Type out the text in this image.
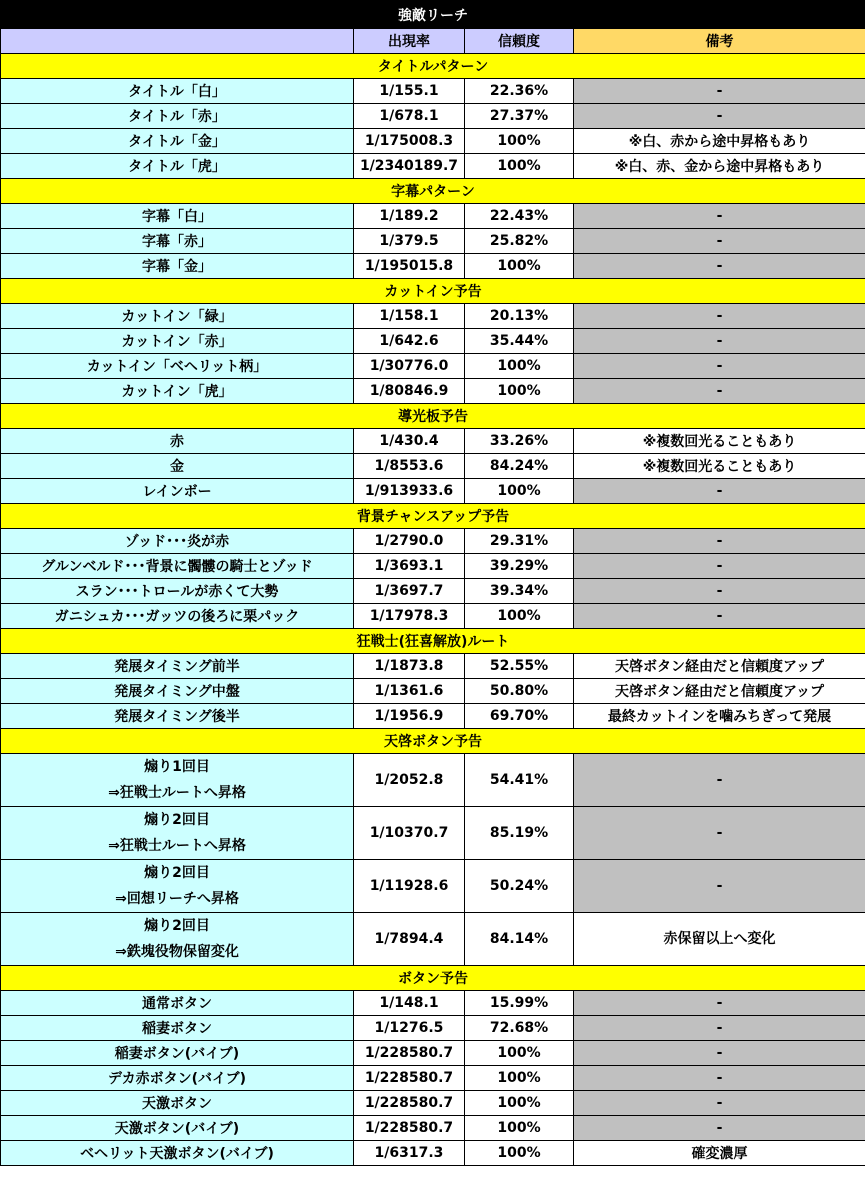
強敵リーチ			
	出現率	信頼度	備考
タイトルパターン			
タイトル「白」	1/155.1	22.36%	-
タイトル「赤」	1/678.1	27.37%	-
タイトル「金」	1/175008.3	100%	※白、赤から途中昇格もあり
タイトル「虎」	1/2340189.7	100%	※白、赤、金から途中昇格もあり
字幕パターン			
字幕「白」	1/189.2	22.43%	-
字幕「赤」	1/379.5	25.82%	-
字幕「金」	1/195015.8	100%	-
カットイン予告			
カットイン「緑」	1/158.1	20.13%	-
カットイン「赤」	1/642.6	35.44%	-
カットイン「ベヘリット柄」	1/30776.0	100%	-
カットイン「虎」	1/80846.9	100%	-
導光板予告			
赤	1/430.4	33.26%	※複数回光ることもあり
金	1/8553.6	84.24%	※複数回光ることもあり
レインボー	1/913933.6	100%	-
背景チャンスアップ予告			
ゾッド･･･炎が赤	1/2790.0	29.31%	-
グルンベルド･･･背景に髑髏の騎士とゾッド	1/3693.1	39.29%	-
スラン･･･トロールが赤くて大勢	1/3697.7	39.34%	-
ガニシュカ･･･ガッツの後ろに栗パック	1/17978.3	100%	-
狂戦士(狂喜解放)ルート			
発展タイミング前半	1/1873.8	52.55%	天啓ボタン経由だと信頼度アップ
発展タイミング中盤	1/1361.6	50.80%	天啓ボタン経由だと信頼度アップ
発展タイミング後半	1/1956.9	69.70%	最終カットインを噛みちぎって発展
天啓ボタン予告			

煽り1回目
⇒狂戦士ルートへ昇格	1/2052.8	54.41%	-

煽り2回目
⇒狂戦士ルートへ昇格	1/10370.7	85.19%	-

煽り2回目
⇒回想リーチへ昇格	1/11928.6	50.24%	-

煽り2回目
⇒鉄塊役物保留変化	1/7894.4	84.14%	赤保留以上へ変化
ボタン予告			
通常ボタン	1/148.1	15.99%	-
稲妻ボタン	1/1276.5	72.68%	-
稲妻ボタン(バイブ)	1/228580.7	100%	-
デカ赤ボタン(バイブ)	1/228580.7	100%	-
天激ボタン	1/228580.7	100%	-
天激ボタン(バイブ)	1/228580.7	100%	-
ベヘリット天激ボタン(バイブ)	1/6317.3	100%	確変濃厚
